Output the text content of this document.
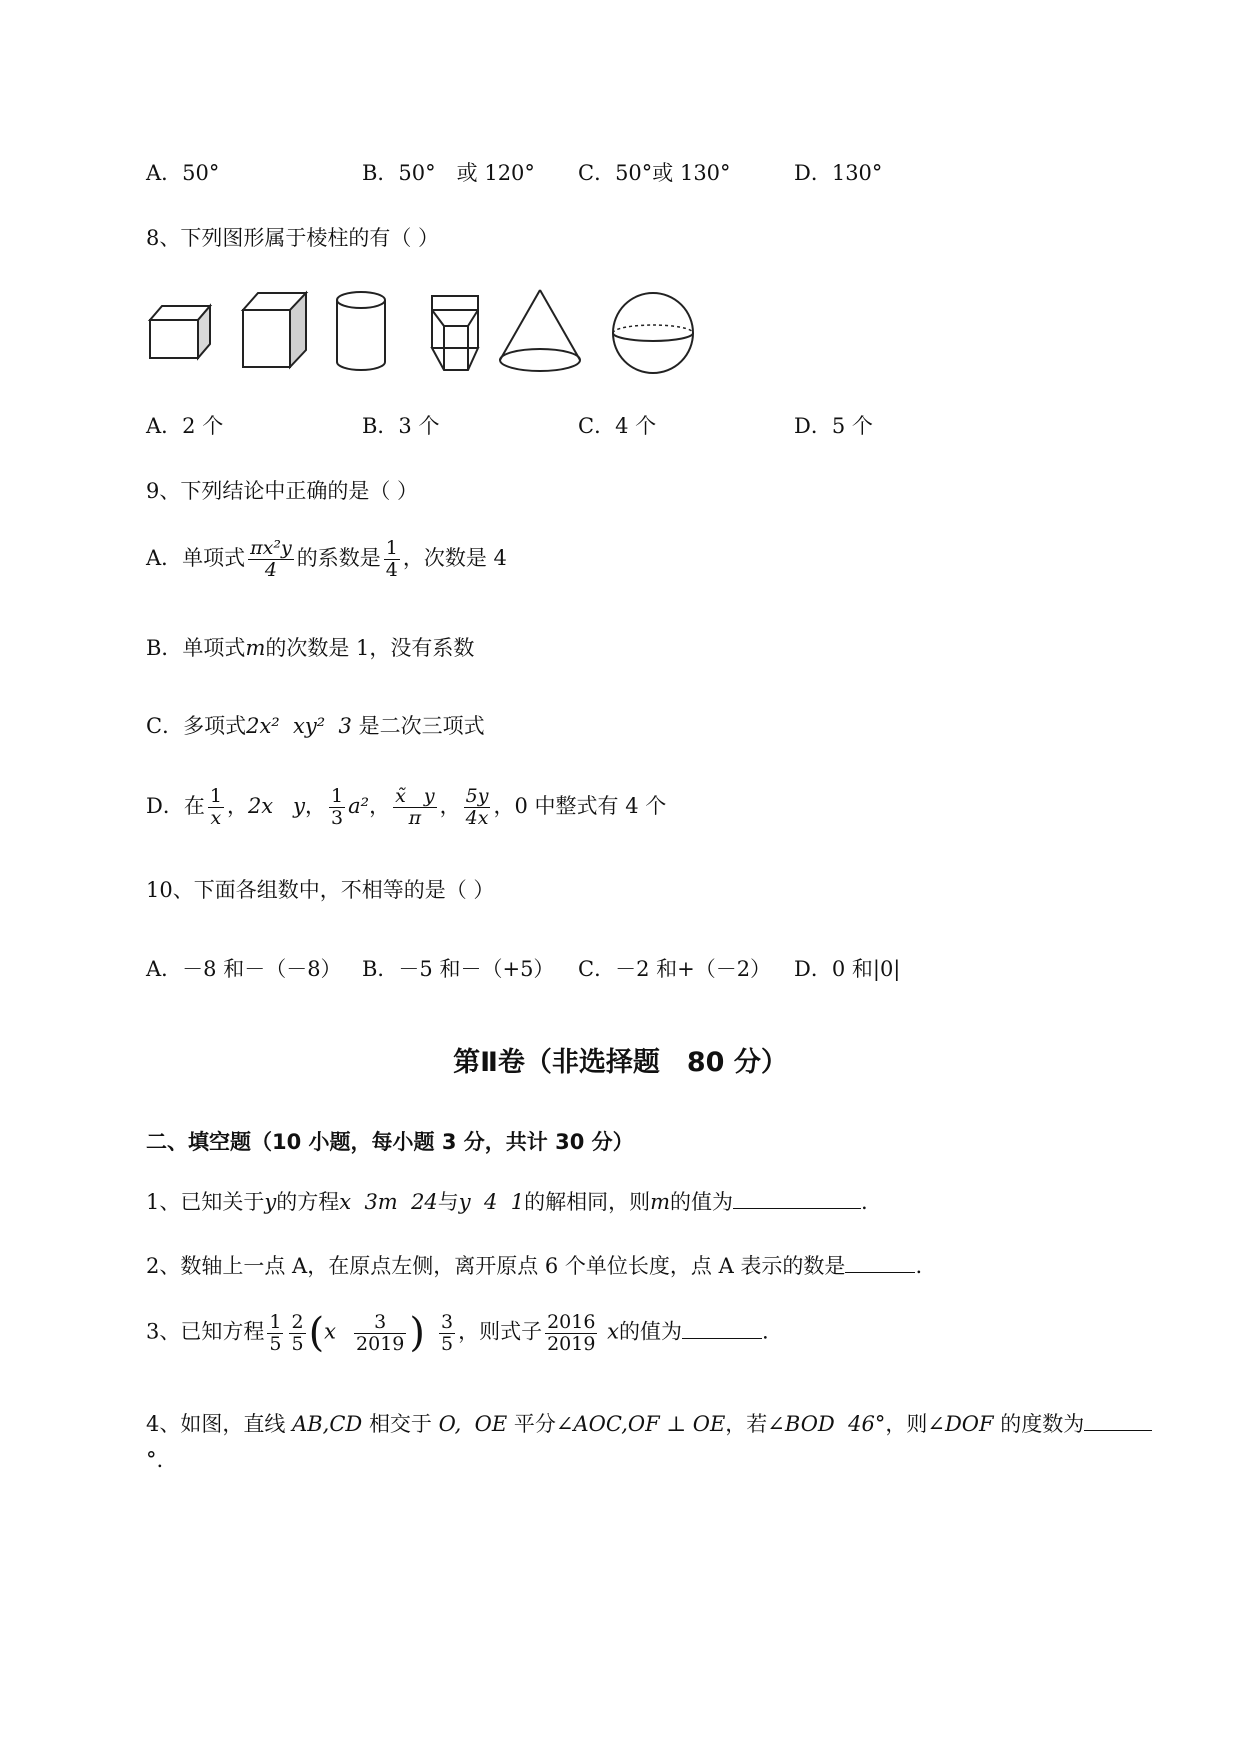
A．50°	B．50°　或 120° C．50°或 130°	D．130°
8、下列图形属于棱柱的有（ ）
A．2 个	B．3 个	C．4 个	D．5 个
9、下列结论中正确的是（ ）
A．单项式 $\frac{\text{πx²y}}{4}$ 的系数是 $\frac{1}{4}$ ，次数是 4
B．单项式m的次数是 1，没有系数
C．多项式2x²  xy²  3 是二次三项式
D．在 $\frac{1}{x}$ ，2x   y， $\frac{1}{3} a^2$， $\frac{x̃ y}{\pi}$ ， $\frac{5y}{4x}$ ，0 中整式有 4 个
10、下面各组数中，不相等的是（ ）
A．－8 和－（－8） B．－5 和－（+5） C．－2 和+（－2） D．0 和|0|
第Ⅱ卷（非选择题　80 分）
二、填空题（10 小题，每小题 3 分，共计 30 分）
1、已知关于y的方程x  3m  24与y  4  1的解相同，则m的值为	.
2、数轴上一点 A，在原点左侧，离开原点 6 个单位长度，点 A 表示的数是	.
3、已知方程 $\frac{1}{5} \frac{2}{5} (x \frac{3}{2019}$ ) $\frac{3}{5}$ ，则式子 $\frac{2016}{2019}$ x的值为	.
4、如图，直线 AB,CD 相交于 O, OE 平分∠AOC,OF ⊥ OE，若∠BOD  46°，则∠DOF 的度数为
°.
